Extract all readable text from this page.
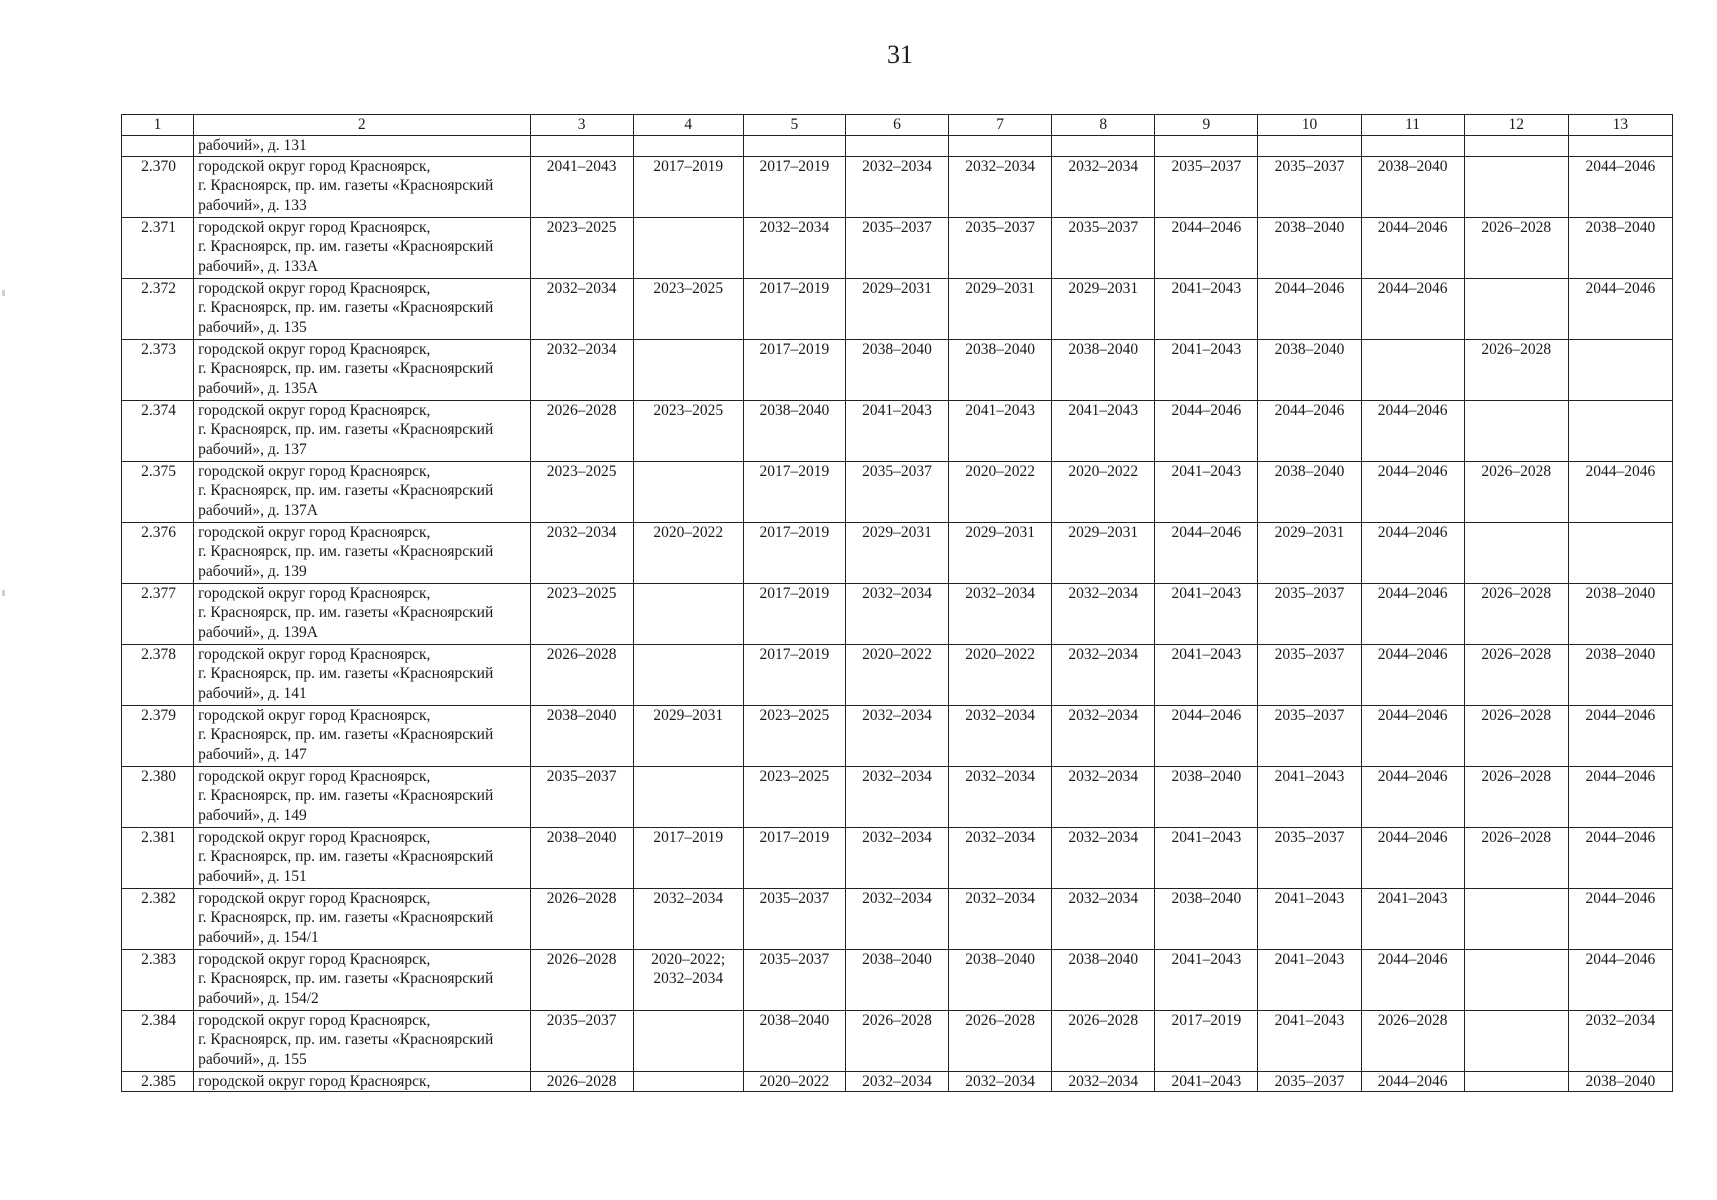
31
1	2	3	4	5	6	7	8	9	10	11	12	13

	рабочий», д. 131											

2.370	городской округ город Красноярск,
г. Красноярск, пр. им. газеты «Красноярский
рабочий», д. 133	2041–2043	2017–2019	2017–2019	2032–2034	2032–2034	2032–2034	2035–2037	2035–2037	2038–2040		2044–2046
2.371	городской округ город Красноярск,
г. Красноярск, пр. им. газеты «Красноярский
рабочий», д. 133А	2023–2025		2032–2034	2035–2037	2035–2037	2035–2037	2044–2046	2038–2040	2044–2046	2026–2028	2038–2040
2.372	городской округ город Красноярск,
г. Красноярск, пр. им. газеты «Красноярский
рабочий», д. 135	2032–2034	2023–2025	2017–2019	2029–2031	2029–2031	2029–2031	2041–2043	2044–2046	2044–2046		2044–2046
2.373	городской округ город Красноярск,
г. Красноярск, пр. им. газеты «Красноярский
рабочий», д. 135А	2032–2034		2017–2019	2038–2040	2038–2040	2038–2040	2041–2043	2038–2040		2026–2028	
2.374	городской округ город Красноярск,
г. Красноярск, пр. им. газеты «Красноярский
рабочий», д. 137	2026–2028	2023–2025	2038–2040	2041–2043	2041–2043	2041–2043	2044–2046	2044–2046	2044–2046		
2.375	городской округ город Красноярск,
г. Красноярск, пр. им. газеты «Красноярский
рабочий», д. 137А	2023–2025		2017–2019	2035–2037	2020–2022	2020–2022	2041–2043	2038–2040	2044–2046	2026–2028	2044–2046
2.376	городской округ город Красноярск,
г. Красноярск, пр. им. газеты «Красноярский
рабочий», д. 139	2032–2034	2020–2022	2017–2019	2029–2031	2029–2031	2029–2031	2044–2046	2029–2031	2044–2046		
2.377	городской округ город Красноярск,
г. Красноярск, пр. им. газеты «Красноярский
рабочий», д. 139А	2023–2025		2017–2019	2032–2034	2032–2034	2032–2034	2041–2043	2035–2037	2044–2046	2026–2028	2038–2040
2.378	городской округ город Красноярск,
г. Красноярск, пр. им. газеты «Красноярский
рабочий», д. 141	2026–2028		2017–2019	2020–2022	2020–2022	2032–2034	2041–2043	2035–2037	2044–2046	2026–2028	2038–2040
2.379	городской округ город Красноярск,
г. Красноярск, пр. им. газеты «Красноярский
рабочий», д. 147	2038–2040	2029–2031	2023–2025	2032–2034	2032–2034	2032–2034	2044–2046	2035–2037	2044–2046	2026–2028	2044–2046
2.380	городской округ город Красноярск,
г. Красноярск, пр. им. газеты «Красноярский
рабочий», д. 149	2035–2037		2023–2025	2032–2034	2032–2034	2032–2034	2038–2040	2041–2043	2044–2046	2026–2028	2044–2046
2.381	городской округ город Красноярск,
г. Красноярск, пр. им. газеты «Красноярский
рабочий», д. 151	2038–2040	2017–2019	2017–2019	2032–2034	2032–2034	2032–2034	2041–2043	2035–2037	2044–2046	2026–2028	2044–2046
2.382	городской округ город Красноярск,
г. Красноярск, пр. им. газеты «Красноярский
рабочий», д. 154/1	2026–2028	2032–2034	2035–2037	2032–2034	2032–2034	2032–2034	2038–2040	2041–2043	2041–2043		2044–2046
2.383	городской округ город Красноярск,
г. Красноярск, пр. им. газеты «Красноярский
рабочий», д. 154/2	2026–2028	2020–2022;
2032–2034	2035–2037	2038–2040	2038–2040	2038–2040	2041–2043	2041–2043	2044–2046		2044–2046
2.384	городской округ город Красноярск,
г. Красноярск, пр. им. газеты «Красноярский
рабочий», д. 155	2035–2037		2038–2040	2026–2028	2026–2028	2026–2028	2017–2019	2041–2043	2026–2028		2032–2034
2.385	городской округ город Красноярск,	2026–2028		2020–2022	2032–2034	2032–2034	2032–2034	2041–2043	2035–2037	2044–2046		2038–2040
